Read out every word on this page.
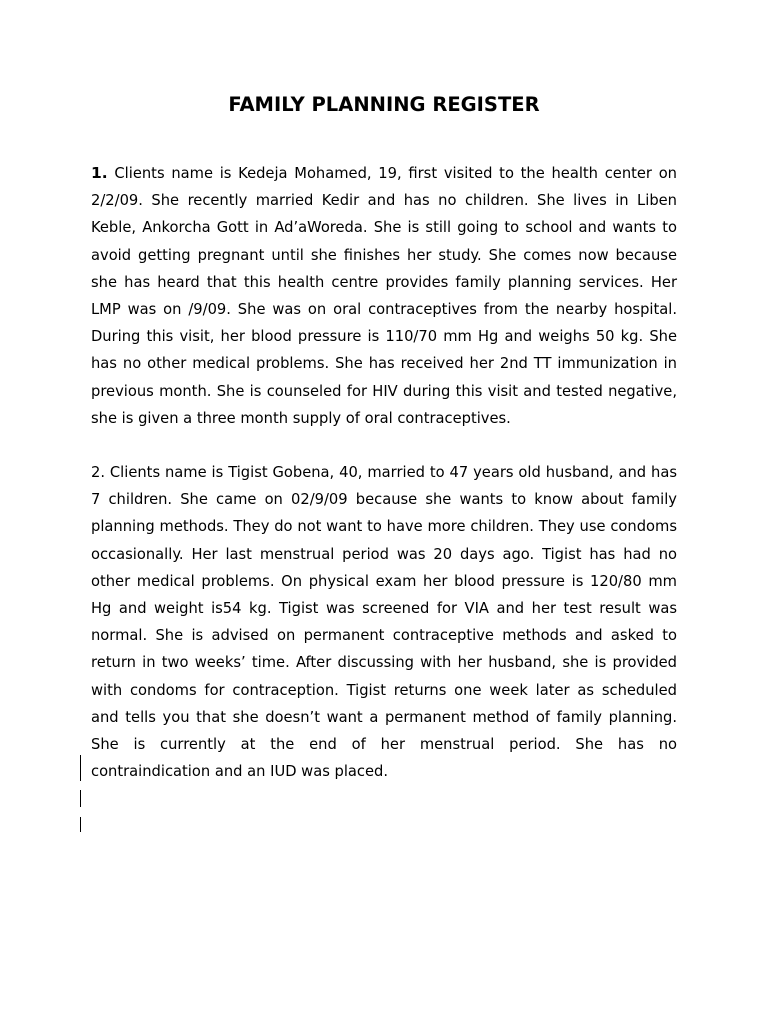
FAMILY PLANNING REGISTER

1. Clients name is Kedeja Mohamed, 19, first visited to the health center on 2/2/09. She recently married Kedir and has no children. She lives in Liben Keble, Ankorcha Gott in Ad’aWoreda. She is still going to school and wants to avoid getting pregnant until she finishes her study. She comes now because she has heard that this health centre provides family planning services. Her LMP was on /9/09. She was on oral contraceptives from the nearby hospital. During this visit, her blood pressure is 110/70 mm Hg and weighs 50 kg. She has no other medical problems. She has received her 2nd TT immunization in previous month. She is counseled for HIV during this visit and tested negative, she is given a three month supply of oral contraceptives.

2. Clients name is Tigist Gobena, 40, married to 47 years old husband, and has 7 children. She came on 02/9/09 because she wants to know about family planning methods. They do not want to have more children. They use condoms occasionally. Her last menstrual period was 20 days ago. Tigist has had no other medical problems. On physical exam her blood pressure is 120/80 mm Hg and weight is54 kg. Tigist was screened for VIA and her test result was normal. She is advised on permanent contraceptive methods and asked to return in two weeks’ time. After discussing with her husband, she is provided with condoms for contraception. Tigist returns one week later as scheduled and tells you that she doesn’t want a permanent method of family planning. She is currently at the end of her menstrual period. She has no contraindication and an IUD was placed.
